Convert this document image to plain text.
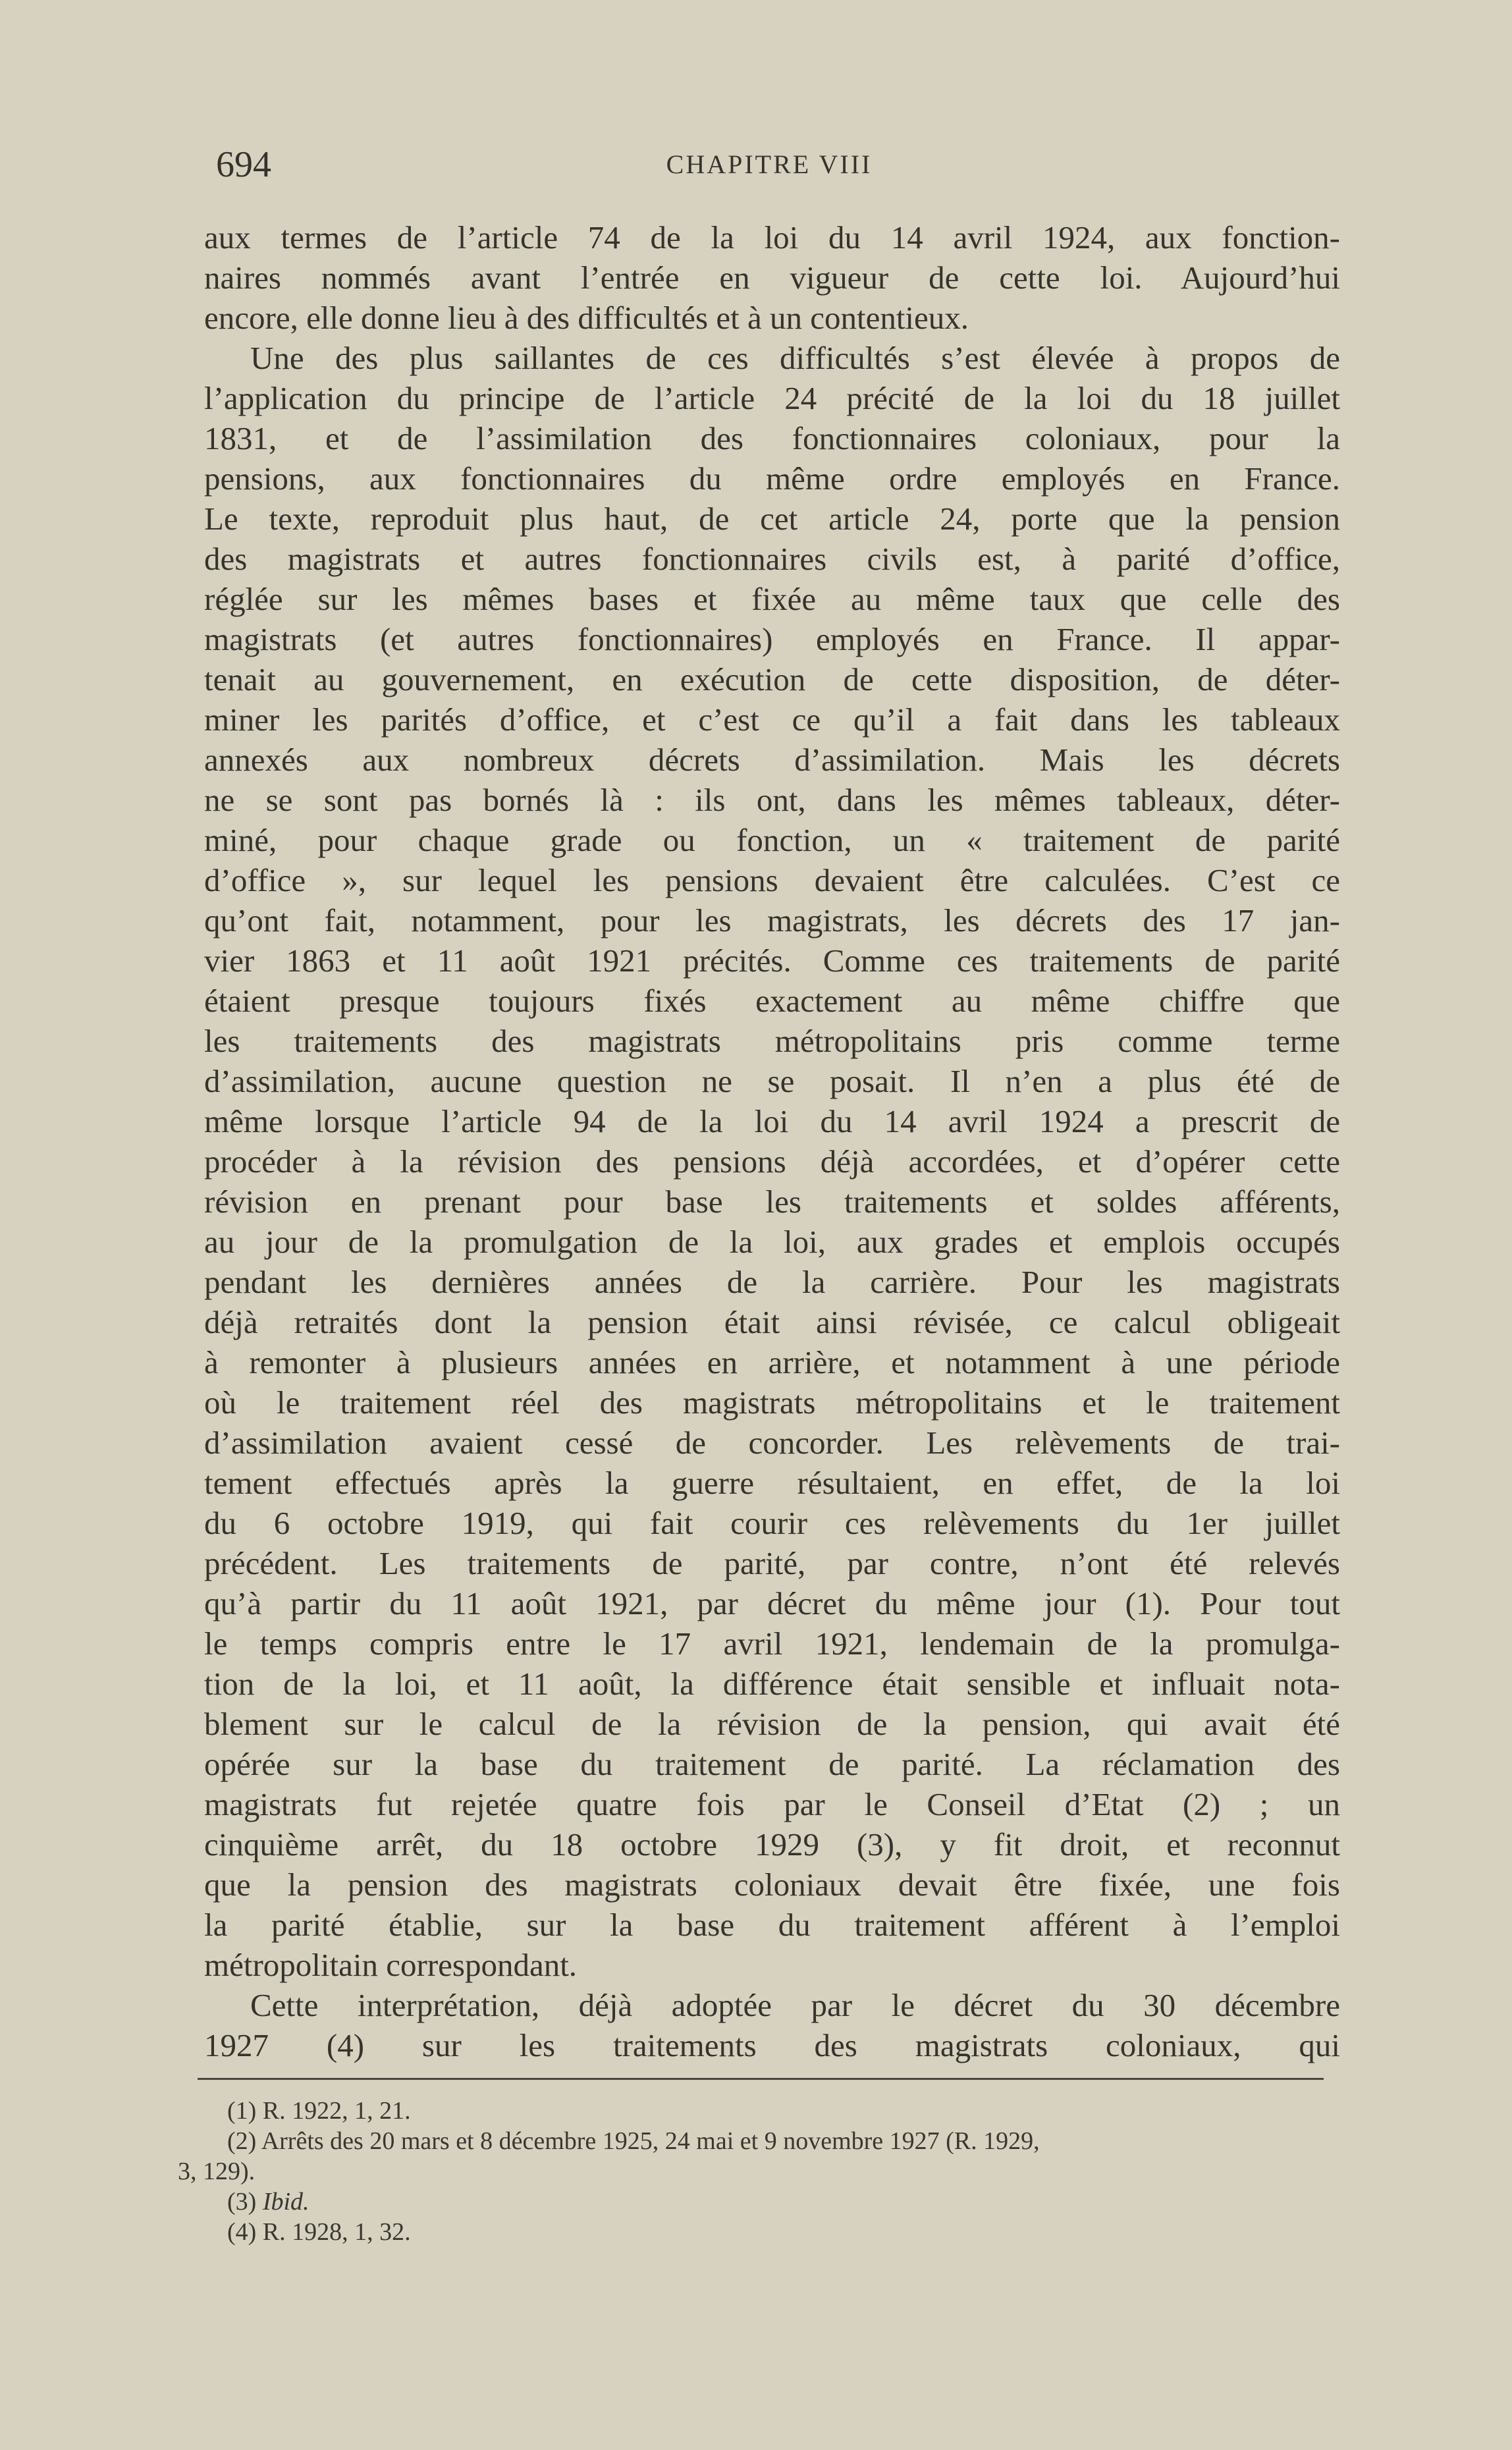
694	CHAPITRE VIII
aux termes de l’article 74 de la loi du 14 avril 1924, aux fonction-
naires nommés avant l’entrée en vigueur de cette loi. Aujourd’hui
encore, elle donne lieu à des difficultés et à un contentieux.
Une des plus saillantes de ces difficultés s’est élevée à propos de
l’application du principe de l’article 24 précité de la loi du 18 juillet
1831, et de l’assimilation des fonctionnaires coloniaux, pour la
pensions, aux fonctionnaires du même ordre employés en France.
Le texte, reproduit plus haut, de cet article 24, porte que la pension
des magistrats et autres fonctionnaires civils est, à parité d’office,
réglée sur les mêmes bases et fixée au même taux que celle des
magistrats (et autres fonctionnaires) employés en France. Il appar-
tenait au gouvernement, en exécution de cette disposition, de déter-
miner les parités d’office, et c’est ce qu’il a fait dans les tableaux
annexés aux nombreux décrets d’assimilation. Mais les décrets
ne se sont pas bornés là : ils ont, dans les mêmes tableaux, déter-
miné, pour chaque grade ou fonction, un « traitement de parité
d’office », sur lequel les pensions devaient être calculées. C’est ce
qu’ont fait, notamment, pour les magistrats, les décrets des 17 jan-
vier 1863 et 11 août 1921 précités. Comme ces traitements de parité
étaient presque toujours fixés exactement au même chiffre que
les traitements des magistrats métropolitains pris comme terme
d’assimilation, aucune question ne se posait. Il n’en a plus été de
même lorsque l’article 94 de la loi du 14 avril 1924 a prescrit de
procéder à la révision des pensions déjà accordées, et d’opérer cette
révision en prenant pour base les traitements et soldes afférents,
au jour de la promulgation de la loi, aux grades et emplois occupés
pendant les dernières années de la carrière. Pour les magistrats
déjà retraités dont la pension était ainsi révisée, ce calcul obligeait
à remonter à plusieurs années en arrière, et notamment à une période
où le traitement réel des magistrats métropolitains et le traitement
d’assimilation avaient cessé de concorder. Les relèvements de trai-
tement effectués après la guerre résultaient, en effet, de la loi
du 6 octobre 1919, qui fait courir ces relèvements du 1er juillet
précédent. Les traitements de parité, par contre, n’ont été relevés
qu’à partir du 11 août 1921, par décret du même jour (1). Pour tout
le temps compris entre le 17 avril 1921, lendemain de la promulga-
tion de la loi, et 11 août, la différence était sensible et influait nota-
blement sur le calcul de la révision de la pension, qui avait été
opérée sur la base du traitement de parité. La réclamation des
magistrats fut rejetée quatre fois par le Conseil d’Etat (2) ; un
cinquième arrêt, du 18 octobre 1929 (3), y fit droit, et reconnut
que la pension des magistrats coloniaux devait être fixée, une fois
la parité établie, sur la base du traitement afférent à l’emploi
métropolitain correspondant.
Cette interprétation, déjà adoptée par le décret du 30 décembre
1927 (4) sur les traitements des magistrats coloniaux, qui
(1) R. 1922, 1, 21.
(2) Arrêts des 20 mars et 8 décembre 1925, 24 mai et 9 novembre 1927 (R. 1929,
3, 129).
(3) Ibid.
(4) R. 1928, 1, 32.
